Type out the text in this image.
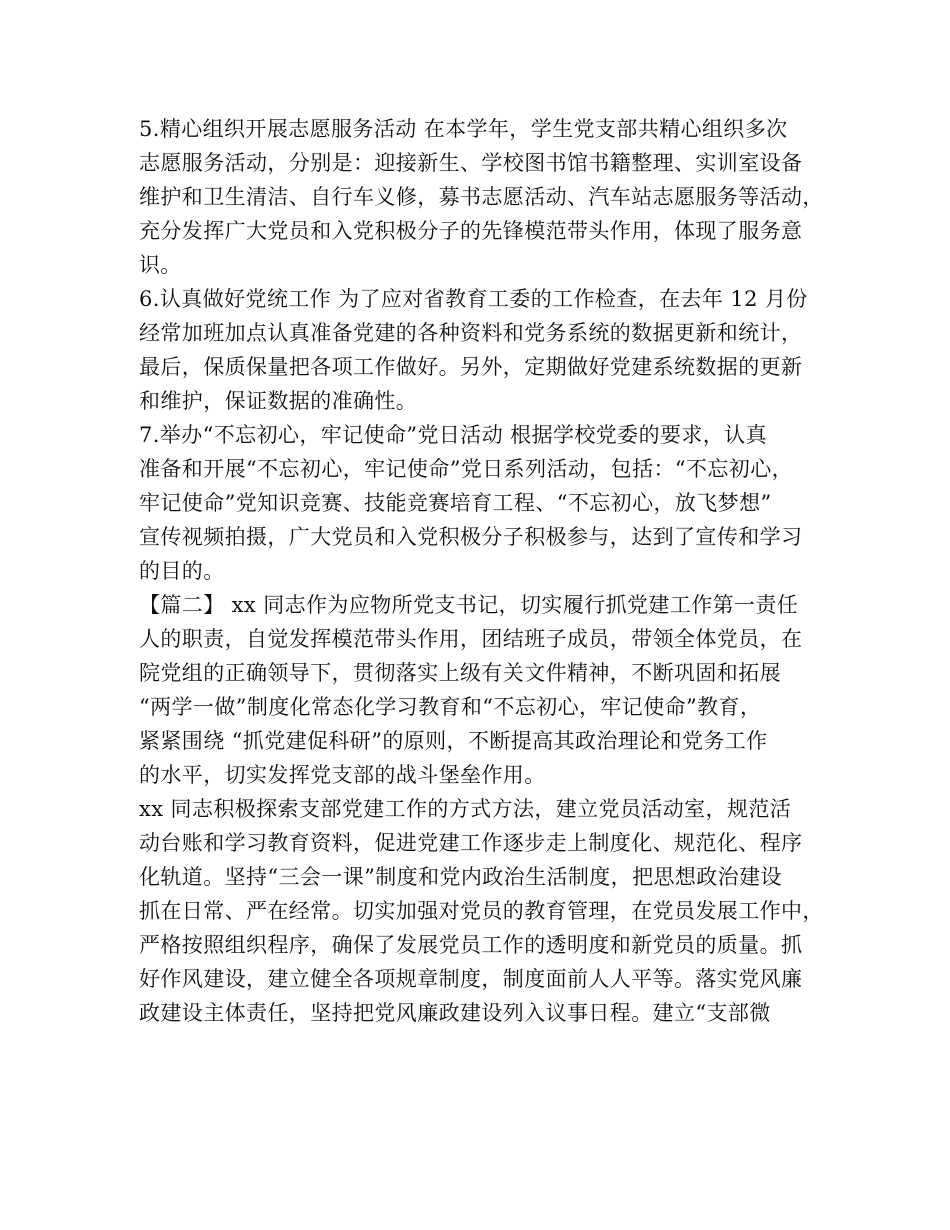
5.精心组织开展志愿服务活动 在本学年，学生党支部共精心组织多次
志愿服务活动，分别是：迎接新生、学校图书馆书籍整理、实训室设备
维护和卫生清洁、自行车义修，募书志愿活动、汽车站志愿服务等活动，
充分发挥广大党员和入党积极分子的先锋模范带头作用，体现了服务意
识。
6.认真做好党统工作 为了应对省教育工委的工作检查，在去年 12 月份
经常加班加点认真准备党建的各种资料和党务系统的数据更新和统计，
最后，保质保量把各项工作做好。另外，定期做好党建系统数据的更新
和维护，保证数据的准确性。
7.举办“不忘初心，牢记使命”党日活动 根据学校党委的要求，认真
准备和开展“不忘初心，牢记使命”党日系列活动，包括：“不忘初心，
牢记使命”党知识竞赛、技能竞赛培育工程、“不忘初心，放飞梦想”
宣传视频拍摄，广大党员和入党积极分子积极参与，达到了宣传和学习
的目的。
【篇二】 xx 同志作为应物所党支书记，切实履行抓党建工作第一责任
人的职责，自觉发挥模范带头作用，团结班子成员，带领全体党员，在
院党组的正确领导下，贯彻落实上级有关文件精神，不断巩固和拓展
“两学一做”制度化常态化学习教育和“不忘初心，牢记使命”教育，
紧紧围绕 “抓党建促科研”的原则，不断提高其政治理论和党务工作
的水平，切实发挥党支部的战斗堡垒作用。
xx 同志积极探索支部党建工作的方式方法，建立党员活动室，规范活
动台账和学习教育资料，促进党建工作逐步走上制度化、规范化、程序
化轨道。坚持“三会一课”制度和党内政治生活制度，把思想政治建设
抓在日常、严在经常。切实加强对党员的教育管理，在党员发展工作中，
严格按照组织程序，确保了发展党员工作的透明度和新党员的质量。抓
好作风建设，建立健全各项规章制度，制度面前人人平等。落实党风廉
政建设主体责任，坚持把党风廉政建设列入议事日程。建立“支部微
